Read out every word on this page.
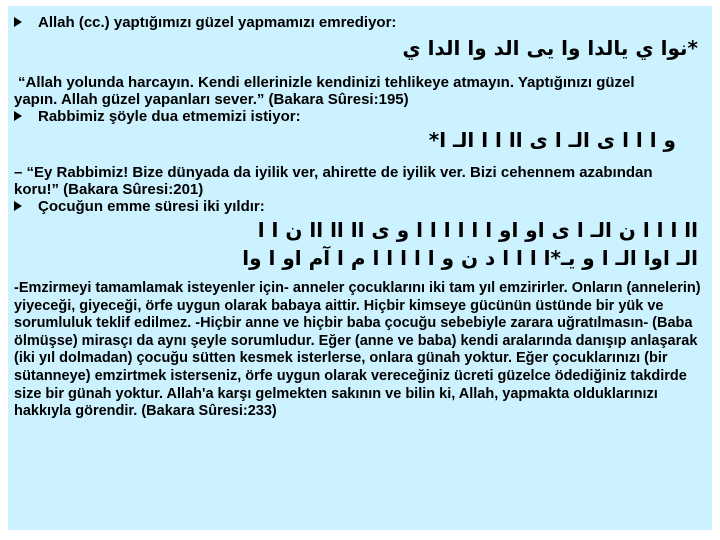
Allah (cc.) yaptığımızı güzel yapmamızı emrediyor:
*نوا ي يالدا وا يى الد وا الدا ي
“Allah yolunda harcayın. Kendi ellerinizle kendinizi tehlikeye atmayın. Yaptığınızı güzel
yapın. Allah güzel yapanları sever.” (Bakara Sûresi:195)
Rabbimiz şöyle dua etmemizi istiyor:
و ا ا ا ى الـ ا ى اا ا ا الـ ا*
– “Ey Rabbimiz! Bize dünyada da iyilik ver, ahirette de iyilik ver. Bizi cehennem azabından
koru!” (Bakara Sûresi:201)
Çocuğun emme süresi iki yıldır:
اا ا ا ا ن الـ ا ى او او ا ا ا ا ا ا و ى اا اا اا ن ا ا
الـ اوا الـ ا و يـ*ا ا ا ا د ن و ا ا ا ا ا م ا آم او ا وا
-Emzirmeyi tamamlamak isteyenler için- anneler çocuklarını iki tam yıl emzirirler. Onların (annelerin) yiyeceği, giyeceği, örfe uygun olarak babaya aittir. Hiçbir kimseye gücünün üstünde bir yük ve sorumluluk teklif edilmez. -Hiçbir anne ve hiçbir baba çocuğu sebebiyle zarara uğratılmasın- (Baba ölmüşse) mirasçı da aynı şeyle sorumludur. Eğer (anne ve baba) kendi aralarında danışıp anlaşarak (iki yıl dolmadan) çocuğu sütten kesmek isterlerse, onlara günah yoktur. Eğer çocuklarınızı (bir sütanneye) emzirtmek isterseniz, örfe uygun olarak vereceğiniz ücreti güzelce ödediğiniz takdirde size bir günah yoktur. Allah'a karşı gelmekten sakının ve bilin ki, Allah, yapmakta olduklarınızı hakkıyla görendir. (Bakara Sûresi:233)
